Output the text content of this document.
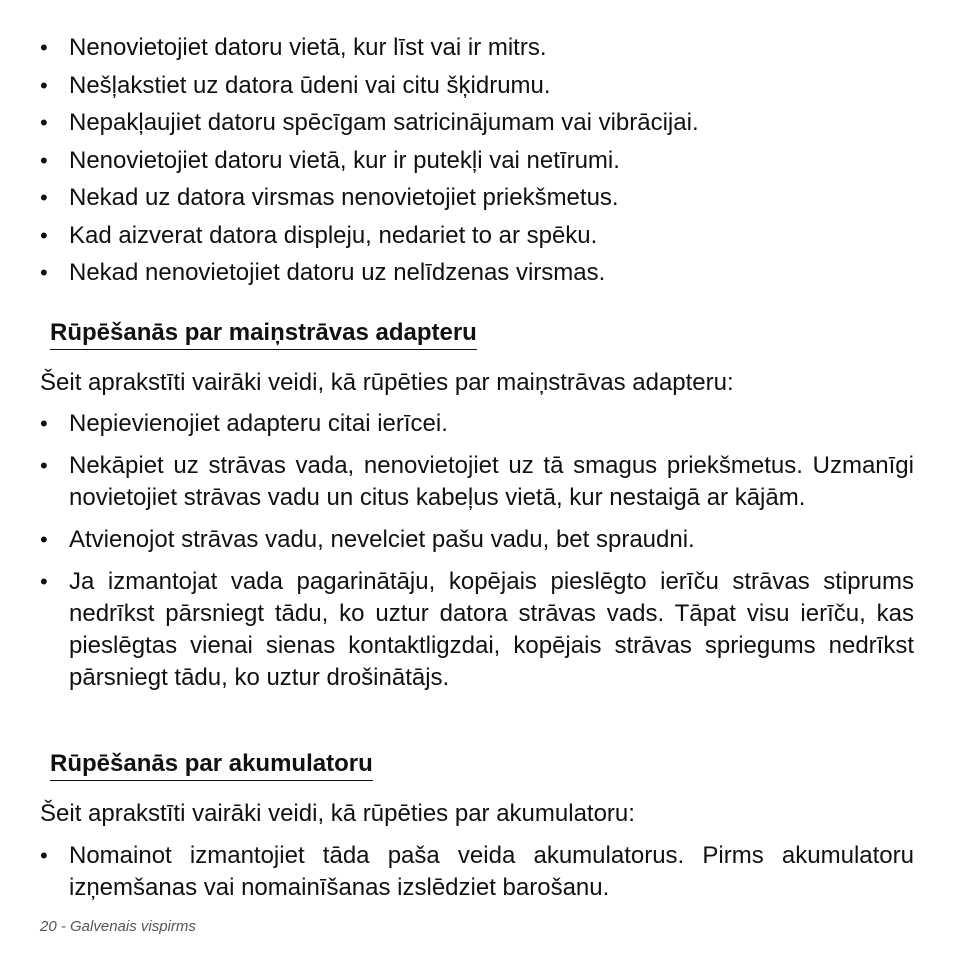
• Nenovietojiet datoru vietā, kur līst vai ir mitrs.
• Nešļakstiet uz datora ūdeni vai citu šķidrumu.
• Nepakļaujiet datoru spēcīgam satricinājumam vai vibrācijai.
• Nenovietojiet datoru vietā, kur ir putekļi vai netīrumi.
• Nekad uz datora virsmas nenovietojiet priekšmetus.
• Kad aizverat datora displeju, nedariet to ar spēku.
• Nekad nenovietojiet datoru uz nelīdzenas virsmas.
Rūpēšanās par maiņstrāvas adapteru
Šeit aprakstīti vairāki veidi, kā rūpēties par maiņstrāvas adapteru:
• Nepievienojiet adapteru citai ierīcei.
• Nekāpiet uz strāvas vada, nenovietojiet uz tā smagus priekšmetus. Uzmanīgi novietojiet strāvas vadu un citus kabeļus vietā, kur nestaigā ar kājām.
• Atvienojot strāvas vadu, nevelciet pašu vadu, bet spraudni.
• Ja izmantojat vada pagarinātāju, kopējais pieslēgto ierīču strāvas stiprums nedrīkst pārsniegt tādu, ko uztur datora strāvas vads. Tāpat visu ierīču, kas pieslēgtas vienai sienas kontaktligzdai, kopējais strāvas spriegums nedrīkst pārsniegt tādu, ko uztur drošinātājs.
Rūpēšanās par akumulatoru
Šeit aprakstīti vairāki veidi, kā rūpēties par akumulatoru:
• Nomainot izmantojiet tāda paša veida akumulatorus. Pirms akumulatoru izņemšanas vai nomainīšanas izslēdziet barošanu.
20 - Galvenais vispirms
